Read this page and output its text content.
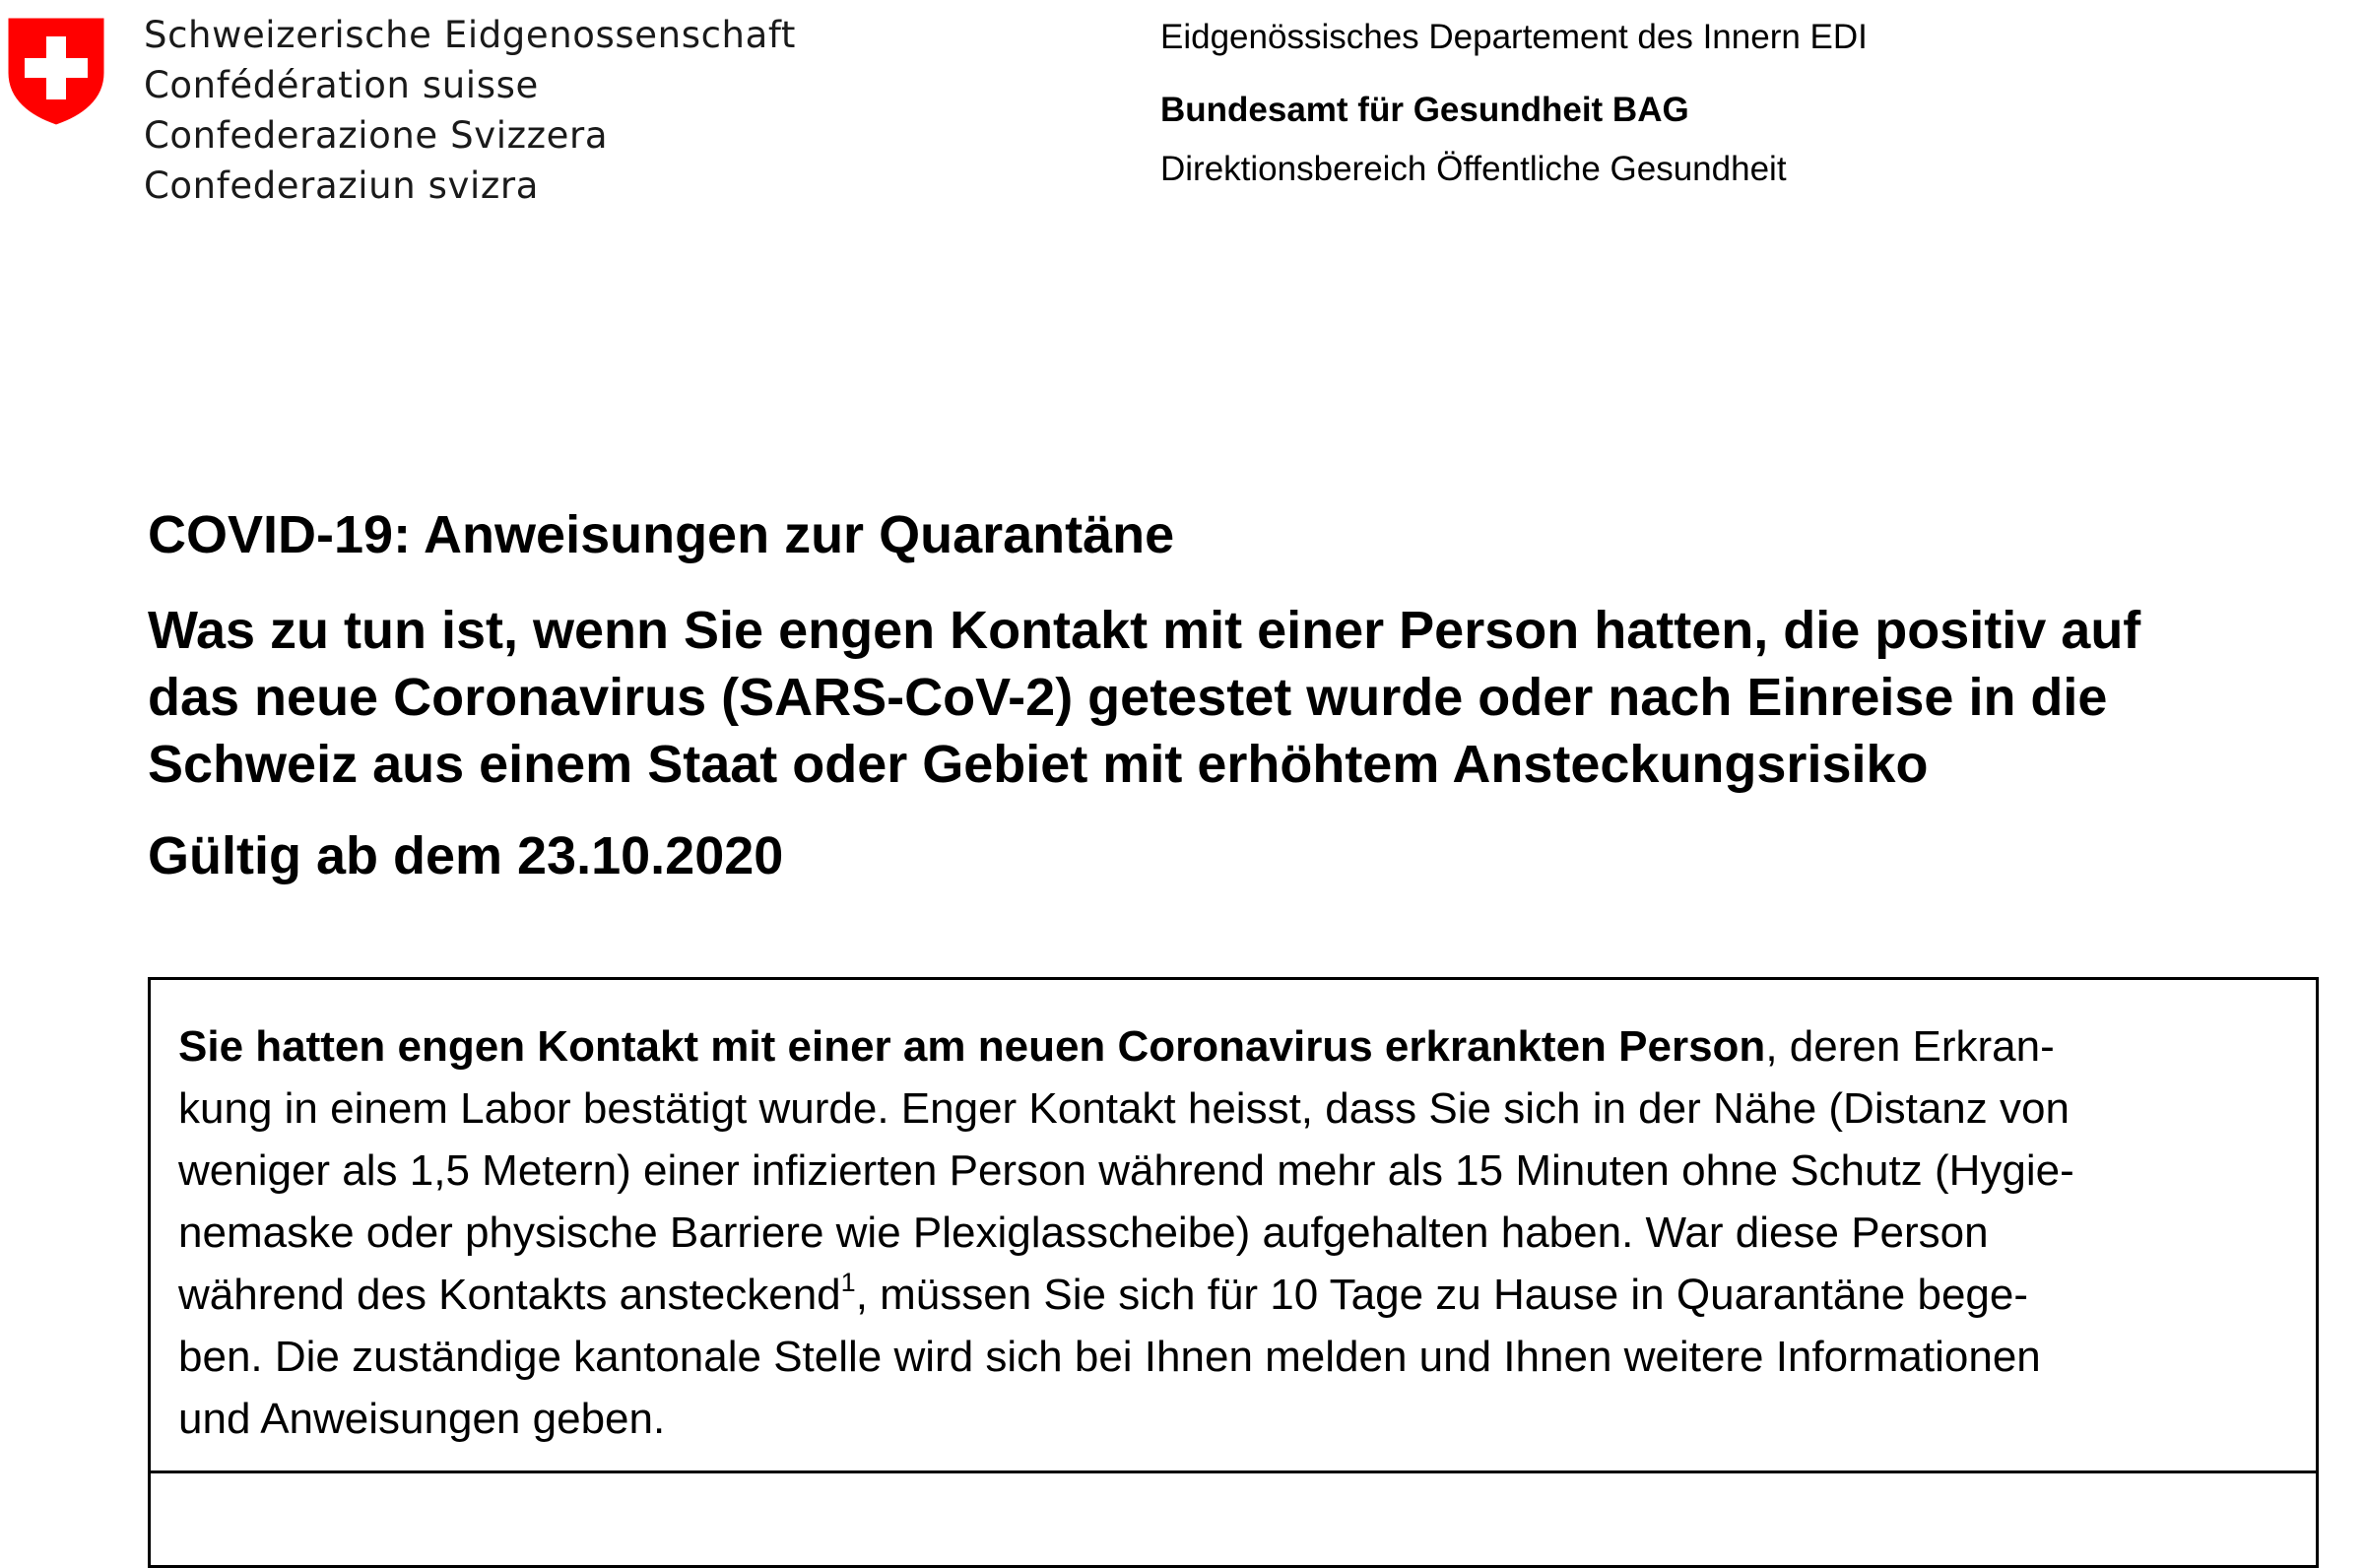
Schweizerische Eidgenossenschaft
Confédération suisse
Confederazione Svizzera
Confederaziun svizra
Eidgenössisches Departement des Innern EDI
Bundesamt für Gesundheit BAG
Direktionsbereich Öffentliche Gesundheit
COVID-19: Anweisungen zur Quarantäne
Was zu tun ist, wenn Sie engen Kontakt mit einer Person hatten, die positiv auf
das neue Coronavirus (SARS-CoV-2) getestet wurde oder nach Einreise in die
Schweiz aus einem Staat oder Gebiet mit erhöhtem Ansteckungsrisiko
Gültig ab dem 23.10.2020
Sie hatten engen Kontakt mit einer am neuen Coronavirus erkrankten Person, deren Erkran-
kung in einem Labor bestätigt wurde. Enger Kontakt heisst, dass Sie sich in der Nähe (Distanz von
weniger als 1,5 Metern) einer infizierten Person während mehr als 15 Minuten ohne Schutz (Hygie-
nemaske oder physische Barriere wie Plexiglasscheibe) aufgehalten haben. War diese Person
während des Kontakts ansteckend$^1$, müssen Sie sich für 10 Tage zu Hause in Quarantäne bege-
ben. Die zuständige kantonale Stelle wird sich bei Ihnen melden und Ihnen weitere Informationen
und Anweisungen geben.
